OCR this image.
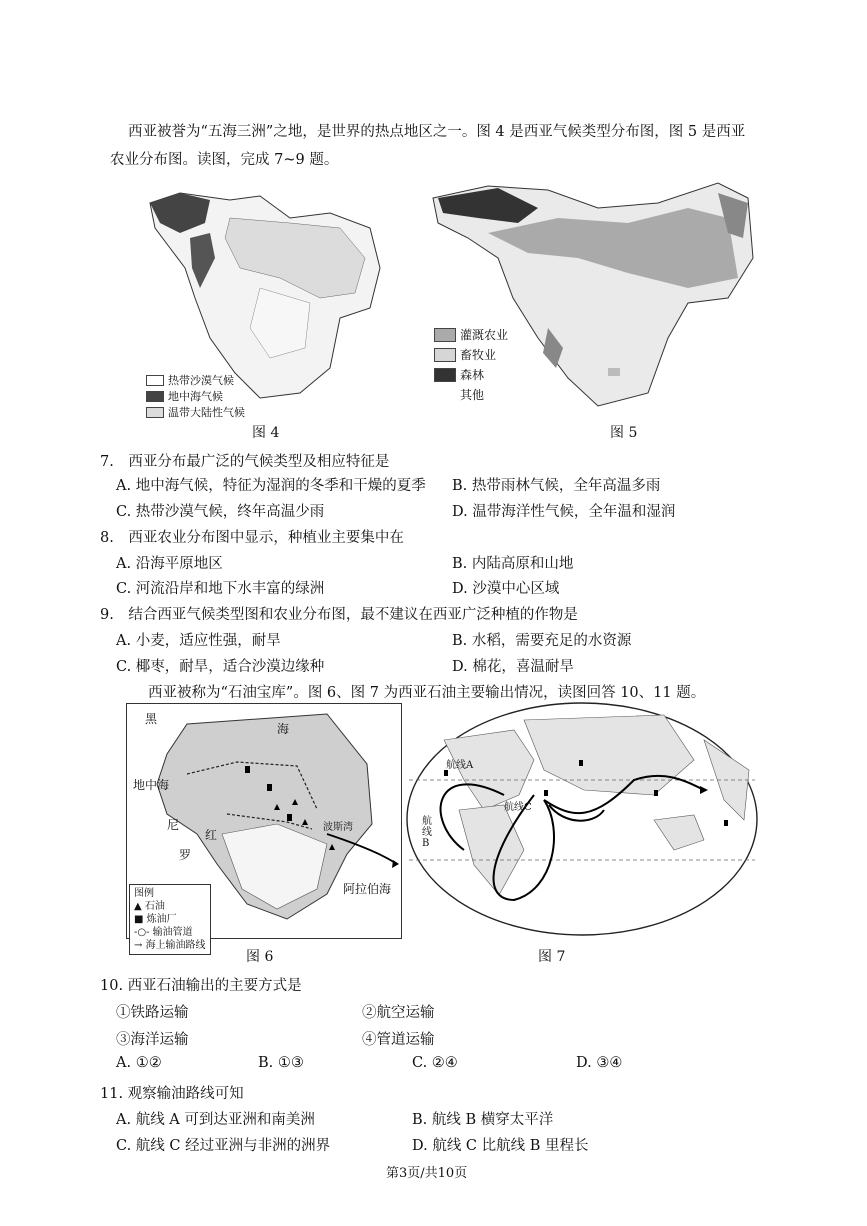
西亚被誉为“五海三洲”之地，是世界的热点地区之一。图 4 是西亚气候类型分布图，图 5 是西亚
农业分布图。读图，完成 7~9 题。
热带沙漠气候
地中海气候
温带大陆性气候
图 4
灌溉农业
畜牧业
森林
其他
图 5
7.　西亚分布最广泛的气候类型及相应特征是
A. 地中海气候，特征为湿润的冬季和干燥的夏季 B. 热带雨林气候，全年高温多雨
C. 热带沙漠气候，终年高温少雨	D. 温带海洋性气候，全年温和湿润
8.　西亚农业分布图中显示，种植业主要集中在
A. 沿海平原地区	B. 内陆高原和山地
C. 河流沿岸和地下水丰富的绿洲	D. 沙漠中心区域
9.　结合西亚气候类型图和农业分布图，最不建议在西亚广泛种植的作物是
A. 小麦，适应性强，耐旱	B. 水稻，需要充足的水资源
C. 椰枣，耐旱，适合沙漠边缘种	D. 棉花，喜温耐旱
西亚被称为“石油宝库”。图 6、图 7 为西亚石油主要输出情况，读图回答 10、11 题。
黑
海
地中海
尼
罗
红
波斯湾
阿拉伯海
图例
▲ 石油
■ 炼油厂
-○- 输油管道
→ 海上输油路线
图 6
航线A
航线B
航线C
图 7
10. 西亚石油输出的主要方式是
①铁路运输	②航空运输
③海洋运输	④管道运输
A. ①②	B. ①③	C. ②④	D. ③④
11. 观察输油路线可知
A. 航线 A 可到达亚洲和南美洲	B. 航线 B 横穿太平洋
C. 航线 C 经过亚洲与非洲的洲界	D. 航线 C 比航线 B 里程长
第3页/共10页
